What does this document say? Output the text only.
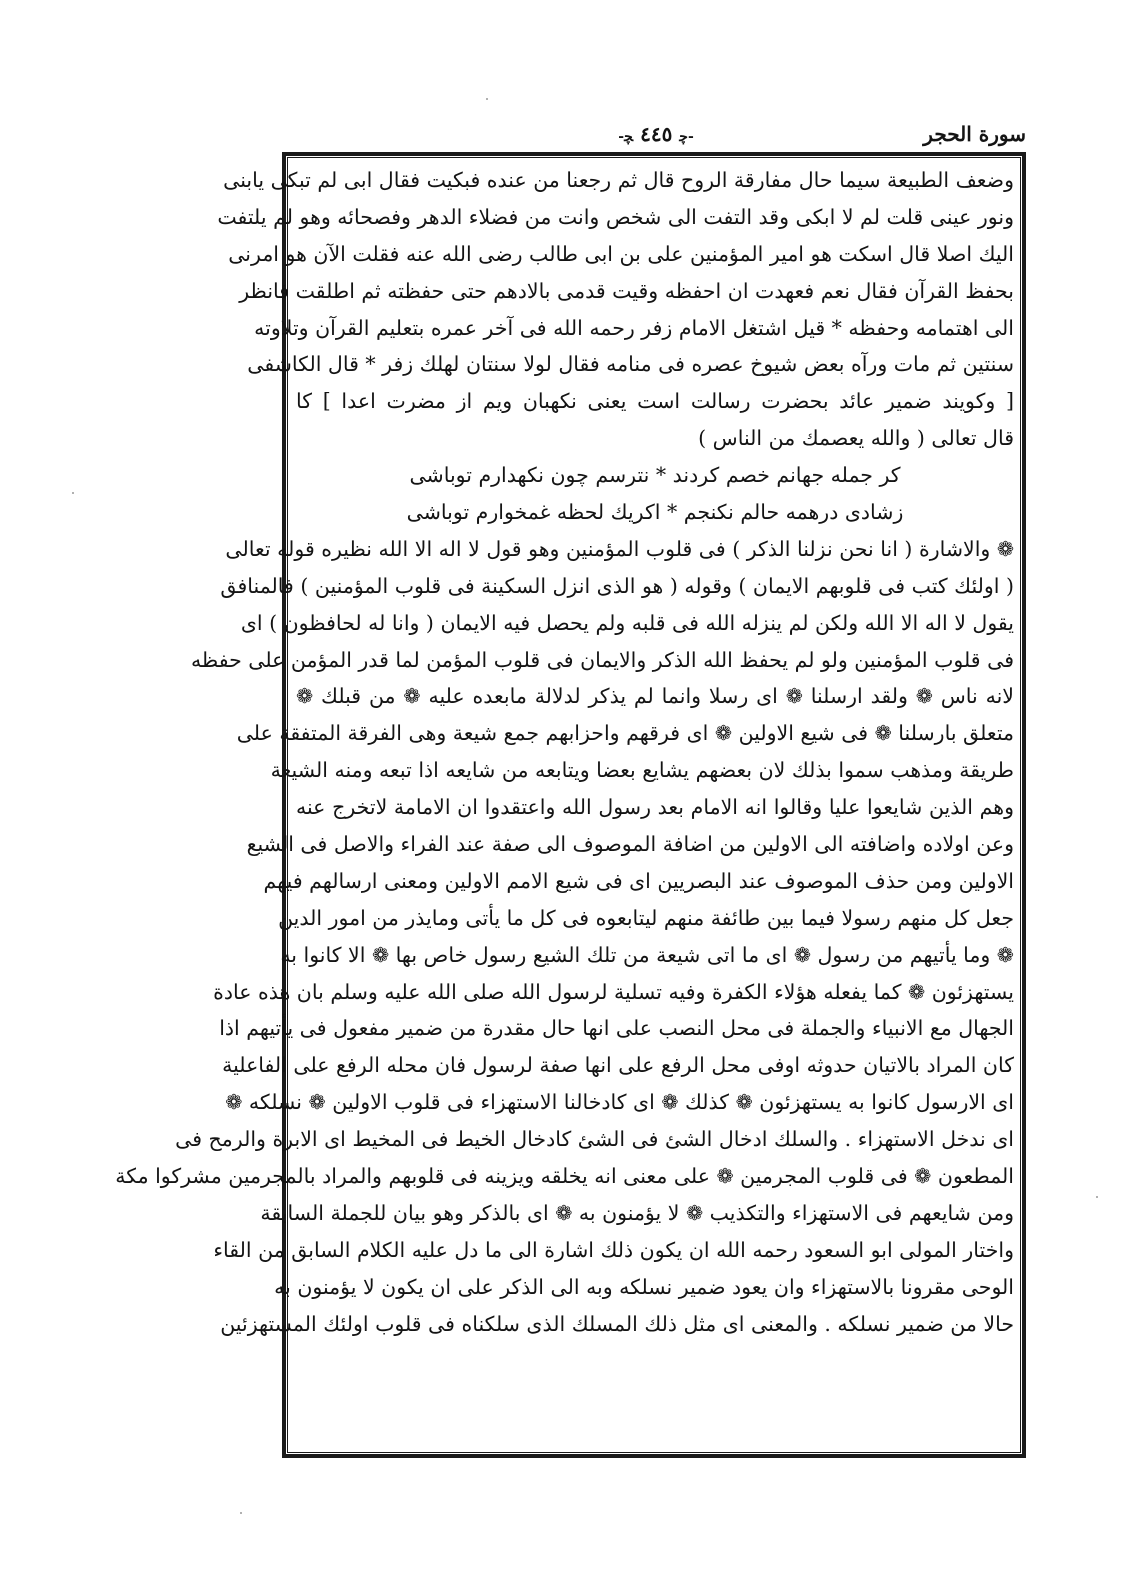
سورة الحجر
-ﭼ ٤٤٥ ﭽ-
وضعف الطبيعة سيما حال مفارقة الروح قال ثم رجعنا من عنده فبكيت فقال ابى لم تبكى يابنى
ونور عينى قلت لم لا ابكى وقد التفت الى شخص وانت من فضلاء الدهر وفصحائه وهو لم يلتفت
اليك اصلا قال اسكت هو امير المؤمنين على بن ابى طالب رضى الله عنه فقلت الآن هو امرنى
بحفظ القرآن فقال نعم فعهدت ان احفظه وقيت قدمى بالادهم حتى حفظته ثم اطلقت فانظر
الى اهتمامه وحفظه * قيل اشتغل الامام زفر رحمه الله فى آخر عمره بتعليم القرآن وتلاوته
سنتين ثم مات ورآه بعض شيوخ عصره فى منامه فقال لولا سنتان لهلك زفر * قال الكاشفى
[ وكويند ضمير عائد بحضرت رسالت است يعنى نكهبان ويم از مضرت اعدا ] كا
قال تعالى ( والله يعصمك من الناس )
كر جمله جهانم خصم كردند * نترسم چون نكهدارم توباشى
زشادى درهمه حالم نكنجم * اكريك لحظه غمخوارم توباشى
❁ والاشارة ( انا نحن نزلنا الذكر ) فى قلوب المؤمنين وهو قول لا اله الا الله نظيره قوله تعالى
( اولئك كتب فى قلوبهم الايمان ) وقوله ( هو الذى انزل السكينة فى قلوب المؤمنين ) فالمنافق
يقول لا اله الا الله ولكن لم ينزله الله فى قلبه ولم يحصل فيه الايمان ( وانا له لحافظون ) اى
فى قلوب المؤمنين ولو لم يحفظ الله الذكر والايمان فى قلوب المؤمن لما قدر المؤمن على حفظه
لانه ناس ❁ ولقد ارسلنا ❁ اى رسلا وانما لم يذكر لدلالة مابعده عليه ❁ من قبلك ❁
متعلق بارسلنا ❁ فى شيع الاولين ❁ اى فرقهم واحزابهم جمع شيعة وهى الفرقة المتفقة على
طريقة ومذهب سموا بذلك لان بعضهم يشايع بعضا ويتابعه من شايعه اذا تبعه ومنه الشيعة
وهم الذين شايعوا عليا وقالوا انه الامام بعد رسول الله واعتقدوا ان الامامة لاتخرج عنه
وعن اولاده واضافته الى الاولين من اضافة الموصوف الى صفة عند الفراء والاصل فى الشيع
الاولين ومن حذف الموصوف عند البصريين اى فى شيع الامم الاولين ومعنى ارسالهم فيهم
جعل كل منهم رسولا فيما بين طائفة منهم ليتابعوه فى كل ما يأتى ومايذر من امور الدين
❁ وما يأتيهم من رسول ❁ اى ما اتى شيعة من تلك الشيع رسول خاص بها ❁ الا كانوا به
يستهزئون ❁ كما يفعله هؤلاء الكفرة وفيه تسلية لرسول الله صلى الله عليه وسلم بان هذه عادة
الجهال مع الانبياء والجملة فى محل النصب على انها حال مقدرة من ضمير مفعول فى يأتيهم اذا
كان المراد بالاتيان حدوثه اوفى محل الرفع على انها صفة لرسول فان محله الرفع على الفاعلية
اى الارسول كانوا به يستهزئون ❁ كذلك ❁ اى كادخالنا الاستهزاء فى قلوب الاولين ❁ نسلكه ❁
اى ندخل الاستهزاء . والسلك ادخال الشئ فى الشئ كادخال الخيط فى المخيط اى الابرة والرمح فى
المطعون ❁ فى قلوب المجرمين ❁ على معنى انه يخلقه ويزينه فى قلوبهم والمراد بالمجرمين مشركوا مكة
ومن شايعهم فى الاستهزاء والتكذيب ❁ لا يؤمنون به ❁ اى بالذكر وهو بيان للجملة السابقة
واختار المولى ابو السعود رحمه الله ان يكون ذلك اشارة الى ما دل عليه الكلام السابق من القاء
الوحى مقرونا بالاستهزاء وان يعود ضمير نسلكه وبه الى الذكر على ان يكون لا يؤمنون به
حالا من ضمير نسلكه . والمعنى اى مثل ذلك المسلك الذى سلكناه فى قلوب اولئك المستهزئين
